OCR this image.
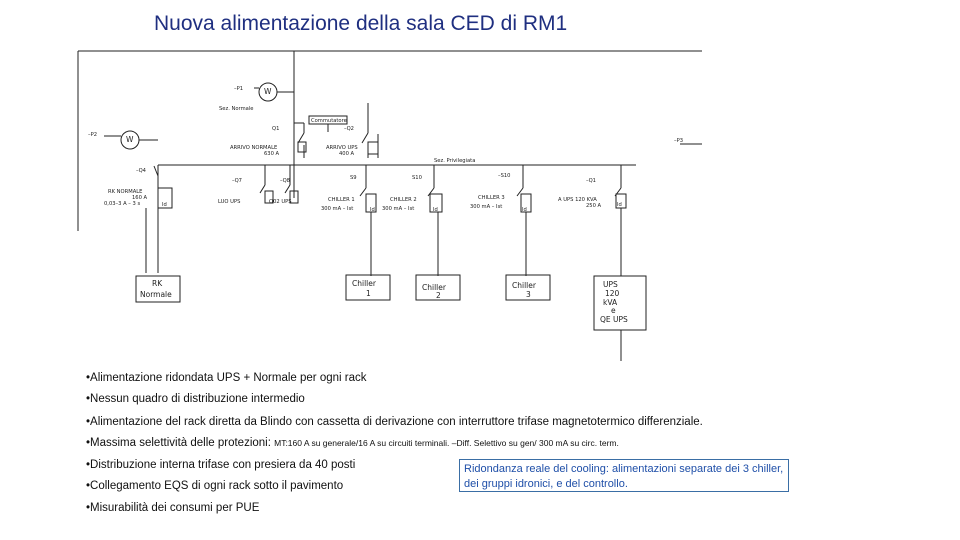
Nuova alimentazione della sala CED di RM1
–P1	W
Sez. Normale
–P2	W
Commutatore
Q1	–Q2
ARRIVO NORMALE
630 A
ARRIVO UPS
400 A
Sez. Privilegiata
–P3
–Q4
RK NORMALE
160 A
0,03–3 A – 3 s	Id
–Q7	–Q8
LUO UPS	Q02 UPS
S9	S10	–S10
–Q1
CHILLER 1
300 mA – Ist
CHILLER 2
300 mA – Ist
CHILLER 3
300 mA – Ist
A UPS 120 KVA
250 A
Id	Id	Id
Id
RK
Normale
Chiller
1
Chiller
2
Chiller
3
UPS
120
kVA
e
QE UPS
•Alimentazione ridondata UPS + Normale per ogni rack
•Nessun quadro di distribuzione intermedio
•Alimentazione del rack diretta da Blindo con cassetta di derivazione con interruttore trifase magnetotermico differenziale.
•Massima selettività delle protezioni: MT:160 A su generale/16 A su circuiti terminali. –Diff. Selettivo su gen/ 300 mA su circ. term.
•Distribuzione interna trifase con presiera da 40 posti
•Collegamento EQS di ogni rack sotto il pavimento
•Misurabilità dei consumi per PUE
Ridondanza reale del cooling: alimentazioni separate dei 3 chiller, dei gruppi idronici, e del controllo.
